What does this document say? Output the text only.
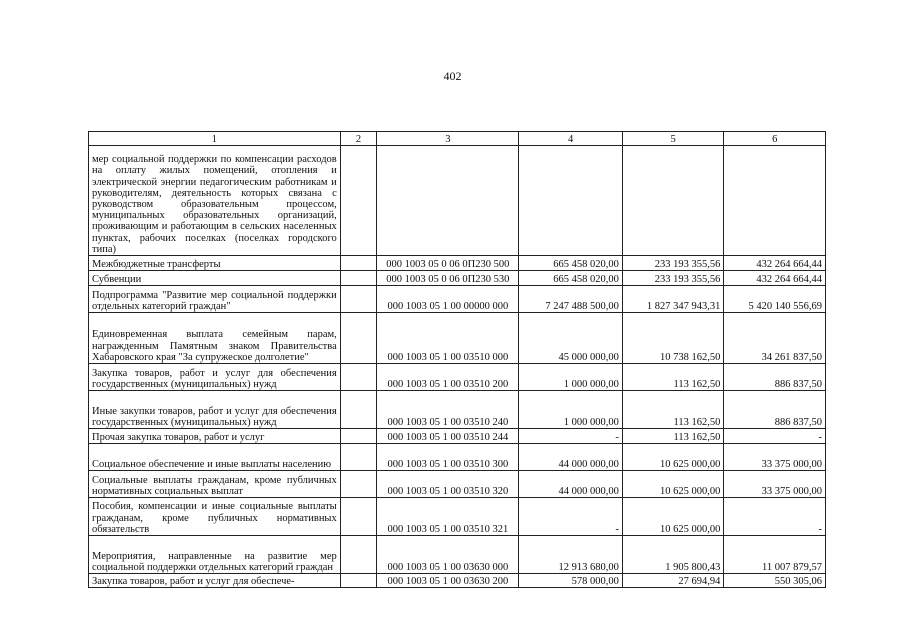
402
1	2	3	4	5	6
мер социальной поддержки по компенсации расходов на оплату жилых помещений, отопления и электрической энергии педагогическим работникам и руководителям, деятельность которых связана с руководством образовательным процессом, муниципальных образовательных организаций, проживающим и работающим в сельских населенных пунктах, рабочих поселках (поселках городского типа)					
Межбюджетные трансферты		000 1003 05 0 06 0П230 500	665 458 020,00	233 193 355,56	432 264 664,44
Субвенции		000 1003 05 0 06 0П230 530	665 458 020,00	233 193 355,56	432 264 664,44
Подпрограмма "Развитие мер социальной поддержки отдельных категорий граждан"		000 1003 05 1 00 00000 000	7 247 488 500,00	1 827 347 943,31	5 420 140 556,69
Единовременная выплата семейным парам, награжденным Памятным знаком Правительства Хабаровского края "За супружеское долголетие"		000 1003 05 1 00 03510 000	45 000 000,00	10 738 162,50	34 261 837,50
Закупка товаров, работ и услуг для обеспечения государственных (муниципальных) нужд		000 1003 05 1 00 03510 200	1 000 000,00	113 162,50	886 837,50
Иные закупки товаров, работ и услуг для обеспечения государственных (муниципальных) нужд		000 1003 05 1 00 03510 240	1 000 000,00	113 162,50	886 837,50
Прочая закупка товаров, работ и услуг		000 1003 05 1 00 03510 244	-	113 162,50	-
Социальное обеспечение и иные выплаты населению		000 1003 05 1 00 03510 300	44 000 000,00	10 625 000,00	33 375 000,00
Социальные выплаты гражданам, кроме публичных нормативных социальных выплат		000 1003 05 1 00 03510 320	44 000 000,00	10 625 000,00	33 375 000,00
Пособия, компенсации и иные социальные выплаты гражданам, кроме публичных нормативных обязательств		000 1003 05 1 00 03510 321	-	10 625 000,00	-
Мероприятия, направленные на развитие мер социальной поддержки отдельных категорий граждан		000 1003 05 1 00 03630 000	12 913 680,00	1 905 800,43	11 007 879,57
Закупка товаров, работ и услуг для обеспече-		000 1003 05 1 00 03630 200	578 000,00	27 694,94	550 305,06
